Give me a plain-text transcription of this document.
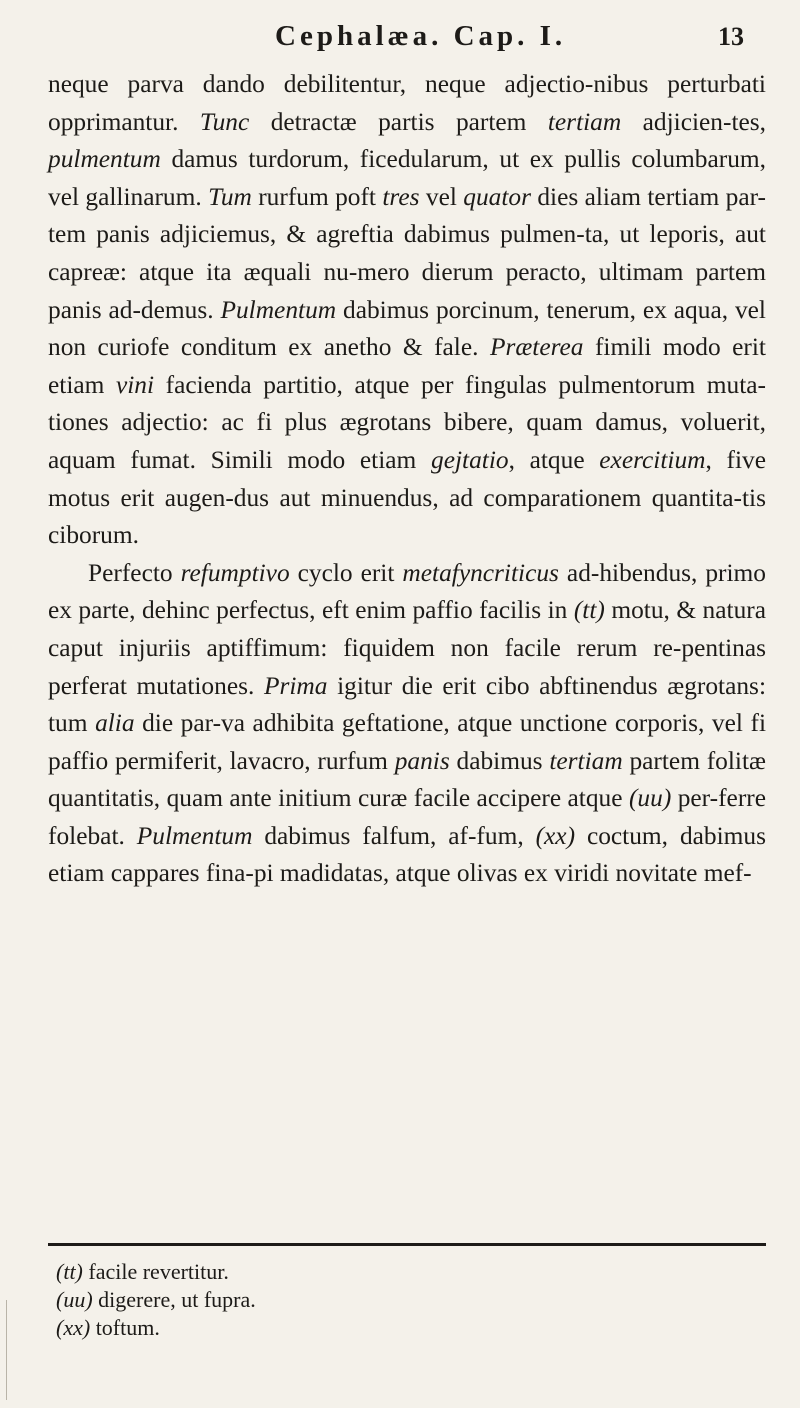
Cephalæa. Cap. I.	13

neque parva dando debilitentur, neque adjectio-nibus perturbati opprimantur. Tunc detractæ partis partem tertiam adjicien-tes, pulmentum damus turdorum, ficedularum, ut ex pullis columbarum, vel gallinarum. Tum rurfum poft tres vel quator dies aliam tertiam par-tem panis adjiciemus, & agreftia dabimus pulmen-ta, ut leporis, aut capreæ: atque ita æquali nu-mero dierum peracto, ultimam partem panis ad-demus. Pulmentum dabimus porcinum, tenerum, ex aqua, vel non curiofe conditum ex anetho & fale. Præterea fimili modo erit etiam vini facienda partitio, atque per fingulas pulmentorum muta-tiones adjectio: ac fi plus ægrotans bibere, quam damus, voluerit, aquam fumat. Simili modo etiam gejtatio, atque exercitium, five motus erit augen-dus aut minuendus, ad comparationem quantita-tis ciborum.

Perfecto refumptivo cyclo erit metafyncriticus ad-hibendus, primo ex parte, dehinc perfectus, eft enim paffio facilis in (tt) motu, & natura caput injuriis aptiffimum: fiquidem non facile rerum re-pentinas perferat mutationes. Prima igitur die erit cibo abftinendus ægrotans: tum alia die par-va adhibita geftatione, atque unctione corporis, vel fi paffio permiferit, lavacro, rurfum panis dabimus tertiam partem folitæ quantitatis, quam ante initium curæ facile accipere atque (uu) per-ferre folebat. Pulmentum dabimus falfum, af-fum, (xx) coctum, dabimus etiam cappares fina-pi madidatas, atque olivas ex viridi novitate mef-

(tt) facile revertitur.
(uu) digerere, ut fupra.
(xx) toftum.
